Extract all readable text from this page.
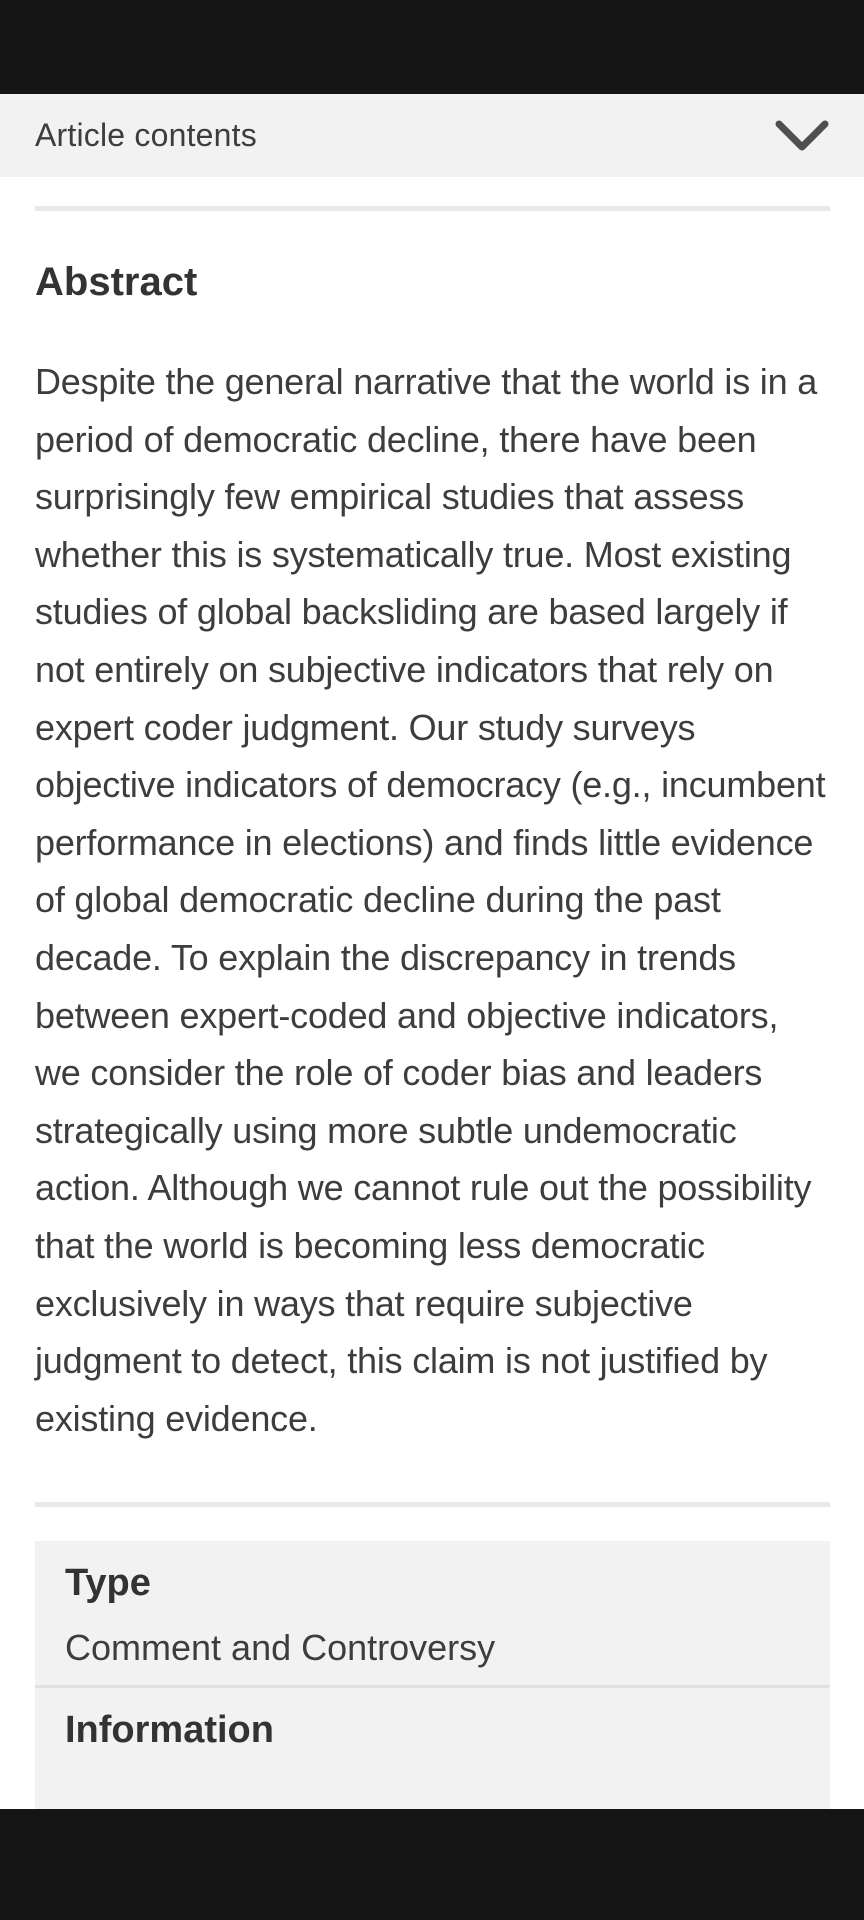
Article contents
Abstract

Despite the general narrative that the world is in a period of democratic decline, there have been surprisingly few empirical studies that assess whether this is systematically true. Most existing studies of global backsliding are based largely if not entirely on subjective indicators that rely on expert coder judgment. Our study surveys objective indicators of democracy (e.g., incumbent performance in elections) and finds little evidence of global democratic decline during the past decade. To explain the discrepancy in trends between expert-coded and objective indicators, we consider the role of coder bias and leaders strategically using more subtle undemocratic action. Although we cannot rule out the possibility that the world is becoming less democratic exclusively in ways that require subjective judgment to detect, this claim is not justified by existing evidence.

Type

Comment and Controversy

Information
